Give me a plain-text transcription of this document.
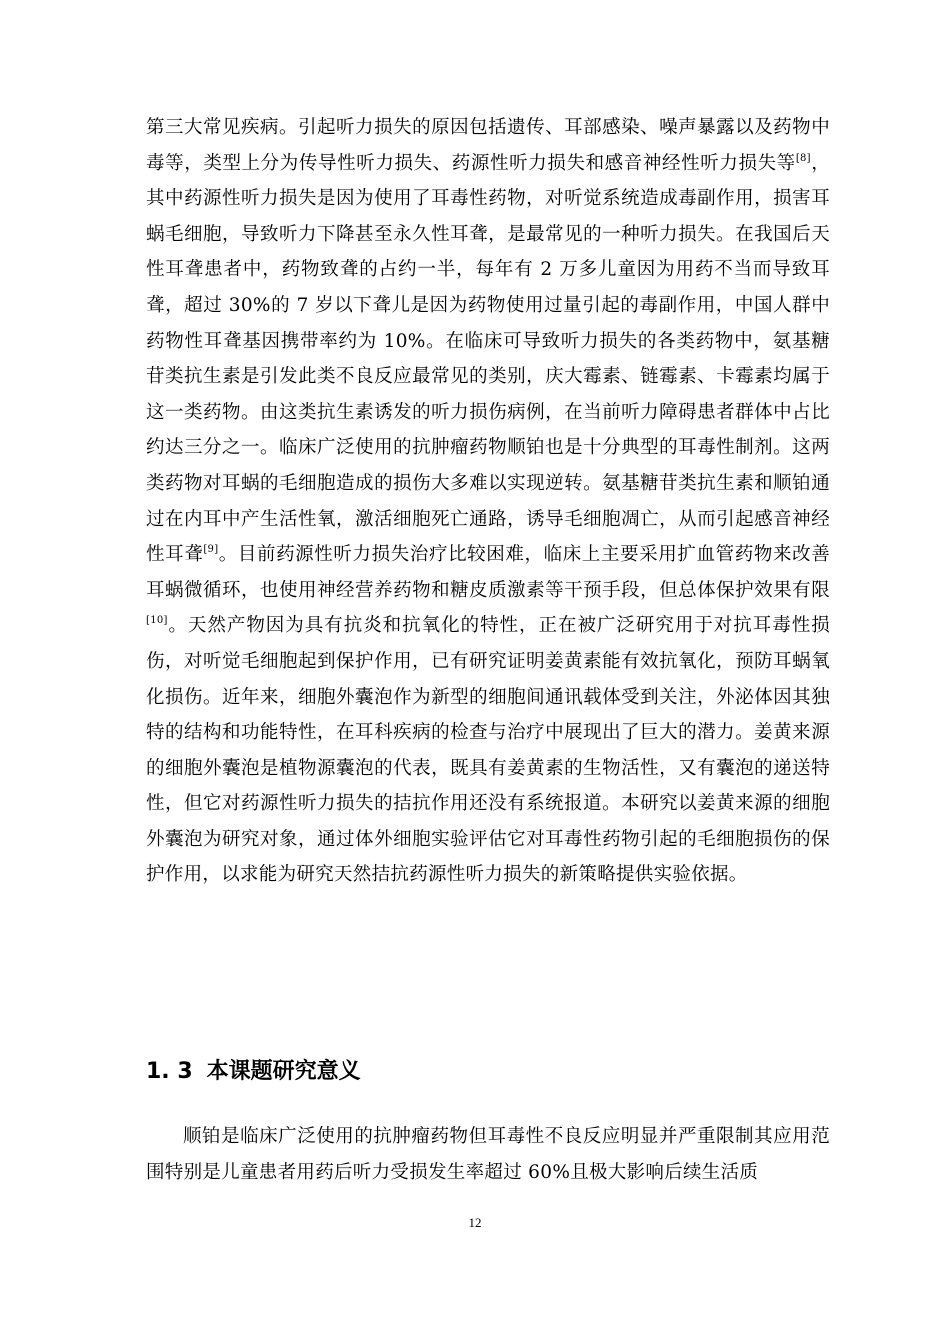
第三大常见疾病。引起听力损失的原因包括遗传、耳部感染、噪声暴露以及药物中毒等，类型上分为传导性听力损失、药源性听力损失和感音神经性听力损失等[8]，其中药源性听力损失是因为使用了耳毒性药物，对听觉系统造成毒副作用，损害耳蜗毛细胞，导致听力下降甚至永久性耳聋，是最常见的一种听力损失。在我国后天性耳聋患者中，药物致聋的占约一半，每年有 2 万多儿童因为用药不当而导致耳聋，超过 30%的 7 岁以下聋儿是因为药物使用过量引起的毒副作用，中国人群中药物性耳聋基因携带率约为 10%。在临床可导致听力损失的各类药物中，氨基糖苷类抗生素是引发此类不良反应最常见的类别，庆大霉素、链霉素、卡霉素均属于这一类药物。由这类抗生素诱发的听力损伤病例，在当前听力障碍患者群体中占比约达三分之一。临床广泛使用的抗肿瘤药物顺铂也是十分典型的耳毒性制剂。这两类药物对耳蜗的毛细胞造成的损伤大多难以实现逆转。氨基糖苷类抗生素和顺铂通过在内耳中产生活性氧，激活细胞死亡通路，诱导毛细胞凋亡，从而引起感音神经性耳聋[9]。目前药源性听力损失治疗比较困难，临床上主要采用扩血管药物来改善耳蜗微循环，也使用神经营养药物和糖皮质激素等干预手段，但总体保护效果有限[10]。天然产物因为具有抗炎和抗氧化的特性，正在被广泛研究用于对抗耳毒性损伤，对听觉毛细胞起到保护作用，已有研究证明姜黄素能有效抗氧化，预防耳蜗氧化损伤。近年来，细胞外囊泡作为新型的细胞间通讯载体受到关注，外泌体因其独特的结构和功能特性，在耳科疾病的检查与治疗中展现出了巨大的潜力。姜黄来源的细胞外囊泡是植物源囊泡的代表，既具有姜黄素的生物活性，又有囊泡的递送特性，但它对药源性听力损失的拮抗作用还没有系统报道。本研究以姜黄来源的细胞外囊泡为研究对象，通过体外细胞实验评估它对耳毒性药物引起的毛细胞损伤的保护作用，以求能为研究天然拮抗药源性听力损失的新策略提供实验依据。

1. 3 本课题研究意义

顺铂是临床广泛使用的抗肿瘤药物但耳毒性不良反应明显并严重限制其应用范围特别是儿童患者用药后听力受损发生率超过 60%且极大影响后续生活质

12
